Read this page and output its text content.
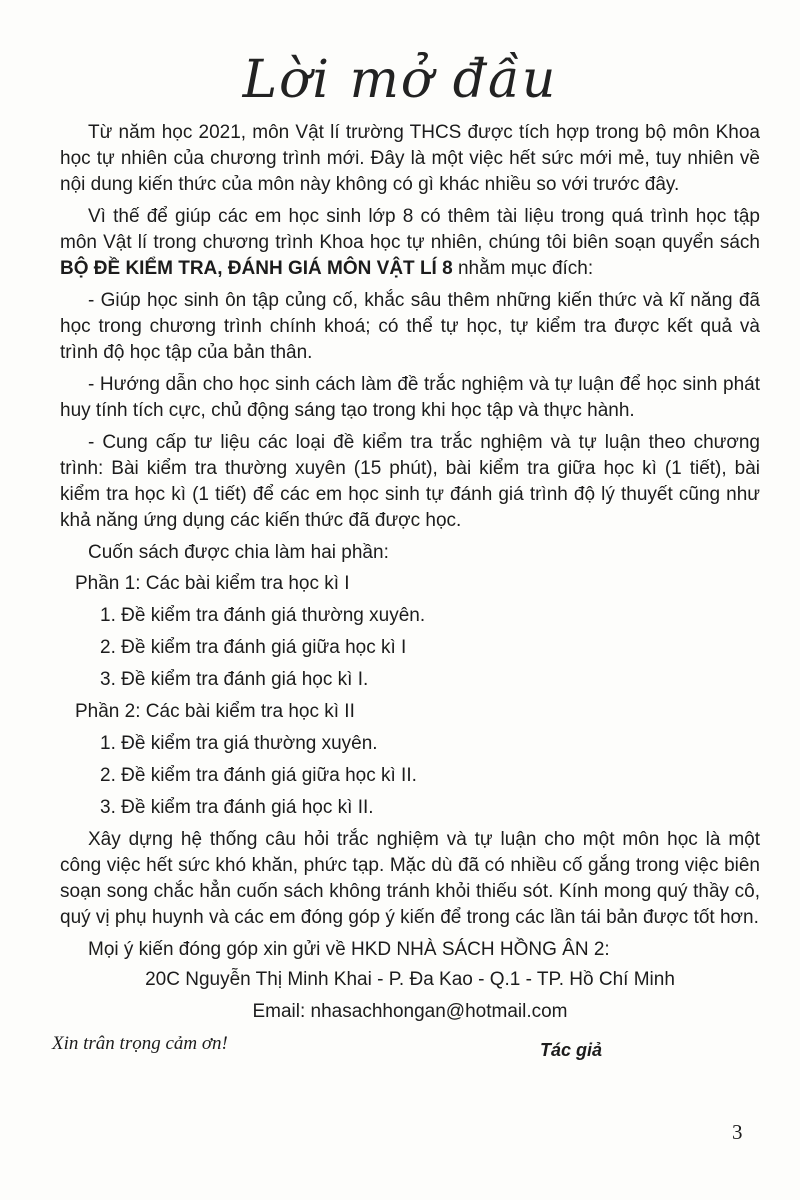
Lời mở đầu

Từ năm học 2021, môn Vật lí trường THCS được tích hợp trong bộ môn Khoa học tự nhiên của chương trình mới. Đây là một việc hết sức mới mẻ, tuy nhiên về nội dung kiến thức của môn này không có gì khác nhiều so với trước đây.

Vì thế để giúp các em học sinh lớp 8 có thêm tài liệu trong quá trình học tập môn Vật lí trong chương trình Khoa học tự nhiên, chúng tôi biên soạn quyển sách BỘ ĐỀ KIỂM TRA, ĐÁNH GIÁ MÔN VẬT LÍ 8 nhằm mục đích:

- Giúp học sinh ôn tập củng cố, khắc sâu thêm những kiến thức và kĩ năng đã học trong chương trình chính khoá; có thể tự học, tự kiểm tra được kết quả và trình độ học tập của bản thân.

- Hướng dẫn cho học sinh cách làm đề trắc nghiệm và tự luận để học sinh phát huy tính tích cực, chủ động sáng tạo trong khi học tập và thực hành.

- Cung cấp tư liệu các loại đề kiểm tra trắc nghiệm và tự luận theo chương trình: Bài kiểm tra thường xuyên (15 phút), bài kiểm tra giữa học kì (1 tiết), bài kiểm tra học kì (1 tiết) để các em học sinh tự đánh giá trình độ lý thuyết cũng như khả năng ứng dụng các kiến thức đã được học.

Cuốn sách được chia làm hai phần:

Phần 1: Các bài kiểm tra học kì I
1. Đề kiểm tra đánh giá thường xuyên.
2. Đề kiểm tra đánh giá giữa học kì I
3. Đề kiểm tra đánh giá học kì I.
Phần 2: Các bài kiểm tra học kì II
1. Đề kiểm tra giá thường xuyên.
2. Đề kiểm tra đánh giá giữa học kì II.
3. Đề kiểm tra đánh giá học kì II.

Xây dựng hệ thống câu hỏi trắc nghiệm và tự luận cho một môn học là một công việc hết sức khó khăn, phức tạp. Mặc dù đã có nhiều cố gắng trong việc biên soạn song chắc hẳn cuốn sách không tránh khỏi thiếu sót. Kính mong quý thầy cô, quý vị phụ huynh và các em đóng góp ý kiến để trong các lần tái bản được tốt hơn.

Mọi ý kiến đóng góp xin gửi về HKD NHÀ SÁCH HỒNG ÂN 2:

20C Nguyễn Thị Minh Khai - P. Đa Kao - Q.1 - TP. Hồ Chí Minh
Email: nhasachhongan@hotmail.com
Xin trân trọng cảm ơn!	Tác giả
3
